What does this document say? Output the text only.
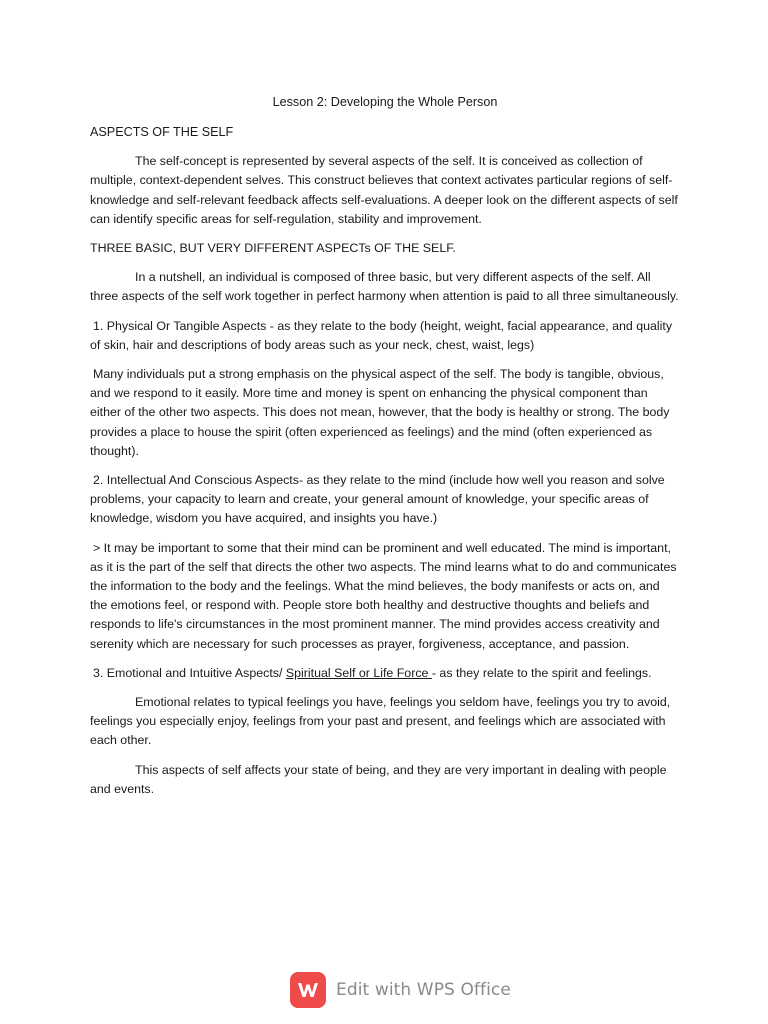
Lesson 2: Developing the Whole Person
ASPECTS OF THE SELF

The self-concept is represented by several aspects of the self. It is conceived as collection of multiple, context-dependent selves. This construct believes that context activates particular regions of self-knowledge and self-relevant feedback affects self-evaluations. A deeper look on the different aspects of self can identify specific areas for self-regulation, stability and improvement.

THREE BASIC, BUT VERY DIFFERENT ASPECTs OF THE SELF.

In a nutshell, an individual is composed of three basic, but very different aspects of the self. All three aspects of the self work together in perfect harmony when attention is paid to all three simultaneously.

1. Physical Or Tangible Aspects - as they relate to the body (height, weight, facial appearance, and quality of skin, hair and descriptions of body areas such as your neck, chest, waist, legs)

Many individuals put a strong emphasis on the physical aspect of the self. The body is tangible, obvious, and we respond to it easily. More time and money is spent on enhancing the physical component than either of the other two aspects. This does not mean, however, that the body is healthy or strong. The body provides a place to house the spirit (often experienced as feelings) and the mind (often experienced as thought).

2. Intellectual And Conscious Aspects- as they relate to the mind (include how well you reason and solve problems, your capacity to learn and create, your general amount of knowledge, your specific areas of knowledge, wisdom you have acquired, and insights you have.)

> It may be important to some that their mind can be prominent and well educated. The mind is important, as it is the part of the self that directs the other two aspects. The mind learns what to do and communicates the information to the body and the feelings. What the mind believes, the body manifests or acts on, and the emotions feel, or respond with. People store both healthy and destructive thoughts and beliefs and responds to life's circumstances in the most prominent manner. The mind provides access creativity and serenity which are necessary for such processes as prayer, forgiveness, acceptance, and passion.

3. Emotional and Intuitive Aspects/ Spiritual Self or Life Force - as they relate to the spirit and feelings.

Emotional relates to typical feelings you have, feelings you seldom have, feelings you try to avoid, feelings you especially enjoy, feelings from your past and present, and feelings which are associated with each other.

This aspects of self affects your state of being, and they are very important in dealing with people and events.

Edit with WPS Office
